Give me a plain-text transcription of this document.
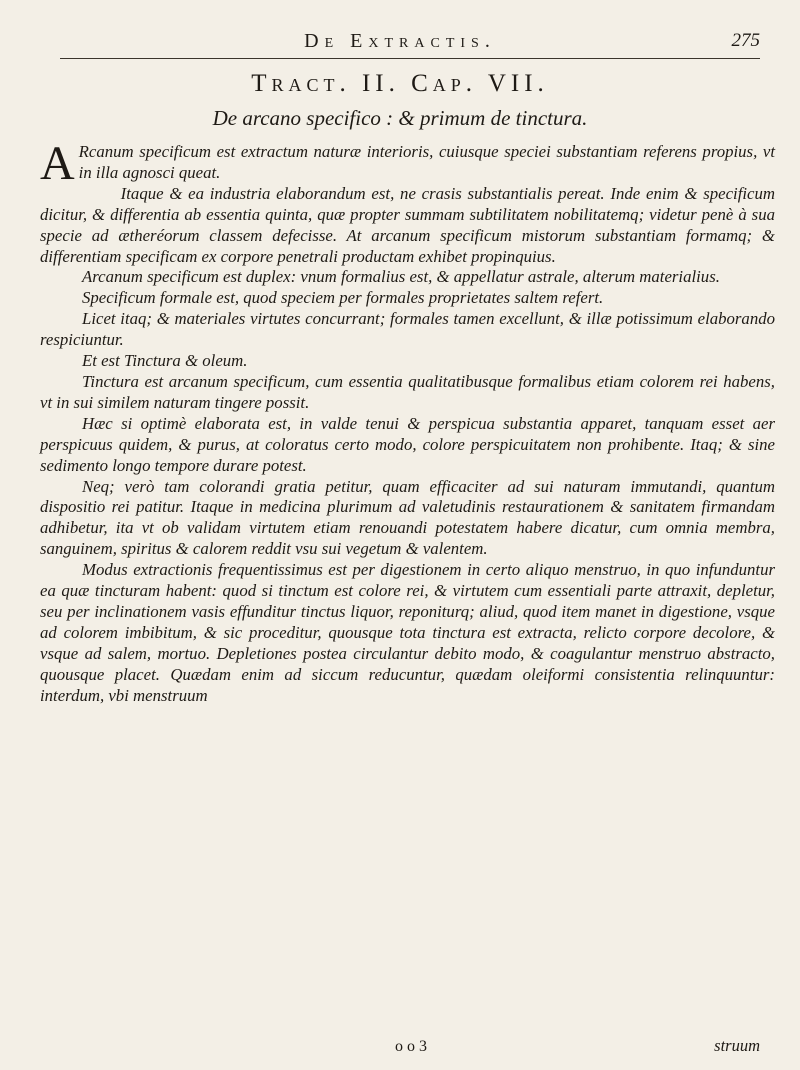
De Extractis.	275
Tract. II. Cap. VII.
De arcano specifico : & primum de tinctura.

A Rcanum specificum est extractum naturæ interioris, cuiusque speciei substantiam referens propius, vt in illa agnosci queat.

Itaque & ea industria elaborandum est, ne crasis substantialis pereat. Inde enim & specificum dicitur, & differentia ab essentia quinta, quæ propter summam subtilitatem nobilitatemq; videtur penè à sua specie ad ætheréorum classem defecisse. At arcanum specificum mistorum substantiam formamq; & differentiam specificam ex corpore penetrali productam exhibet propinquius.

Arcanum specificum est duplex: vnum formalius est, & appellatur astrale, alterum materialius.

Specificum formale est, quod speciem per formales proprietates saltem refert.

Licet itaq; & materiales virtutes concurrant; formales tamen excellunt, & illæ potissimum elaborando respiciuntur.

Et est Tinctura & oleum.

Tinctura est arcanum specificum, cum essentia qualitatibusque formalibus etiam colorem rei habens, vt in sui similem naturam tingere possit.

Hæc si optimè elaborata est, in valde tenui & perspicua substantia apparet, tanquam esset aer perspicuus quidem, & purus, at coloratus certo modo, colore perspicuitatem non prohibente. Itaq; & sine sedimento longo tempore durare potest.

Neq; verò tam colorandi gratia petitur, quam efficaciter ad sui naturam immutandi, quantum dispositio rei patitur. Itaque in medicina plurimum ad valetudinis restaurationem & sanitatem firmandam adhibetur, ita vt ob validam virtutem etiam renouandi potestatem habere dicatur, cum omnia membra, sanguinem, spiritus & calorem reddit vsu sui vegetum & valentem.

Modus extractionis frequentissimus est per digestionem in certo aliquo menstruo, in quo infunduntur ea quæ tincturam habent: quod si tinctum est colore rei, & virtutem cum essentiali parte attraxit, depletur, seu per inclinationem vasis effunditur tinctus liquor, reponiturq; aliud, quod item manet in digestione, vsque ad colorem imbibitum, & sic proceditur, quousque tota tinctura est extracta, relicto corpore decolore, & vsque ad salem, mortuo. Depletiones postea circulantur debito modo, & coagulantur menstruo abstracto, quousque placet. Quædam enim ad siccum reducuntur, quædam oleiformi consistentia relinquuntur: interdum, vbi menstruum

o o 3	struum
